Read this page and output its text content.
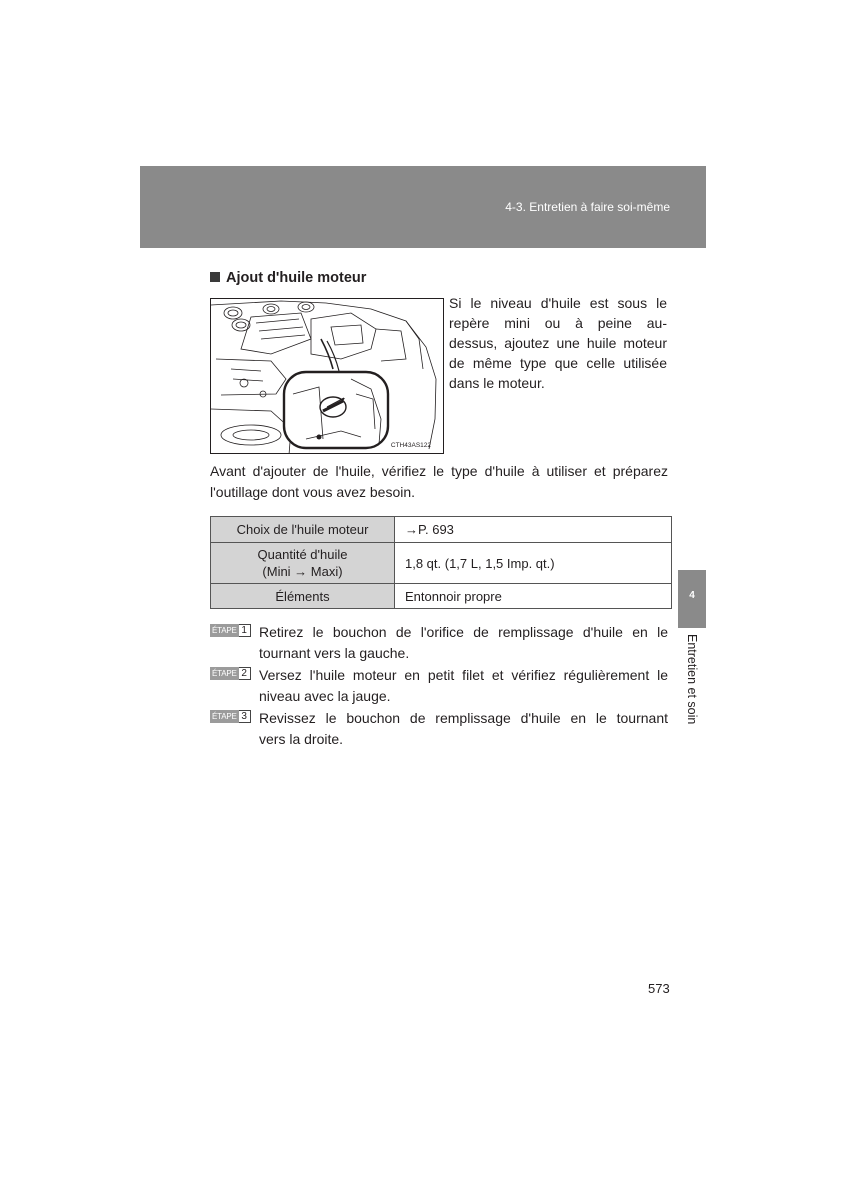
4-3. Entretien à faire soi-même
Ajout d'huile moteur
CTH43AS122
Si le niveau d'huile est sous le
repère mini ou à peine au-
dessus, ajoutez une huile moteur
de même type que celle utilisée
dans le moteur.
Avant d'ajouter de l'huile, vérifiez le type d'huile à utiliser et préparez
l'outillage dont vous avez besoin.
Choix de l'huile moteur	→P. 693
Quantité d'huile
(Mini → Maxi)	1,8 qt. (1,7 L, 1,5 Imp. qt.)
Éléments	Entonnoir propre
ÉTAPE 1 Retirez le bouchon de l'orifice de remplissage d'huile en le
tournant vers la gauche.
ÉTAPE 2 Versez l'huile moteur en petit filet et vérifiez régulièrement le
niveau avec la jauge.
ÉTAPE 3 Revissez le bouchon de remplissage d'huile en le tournant
vers la droite.
573
4
Entretien et soin
